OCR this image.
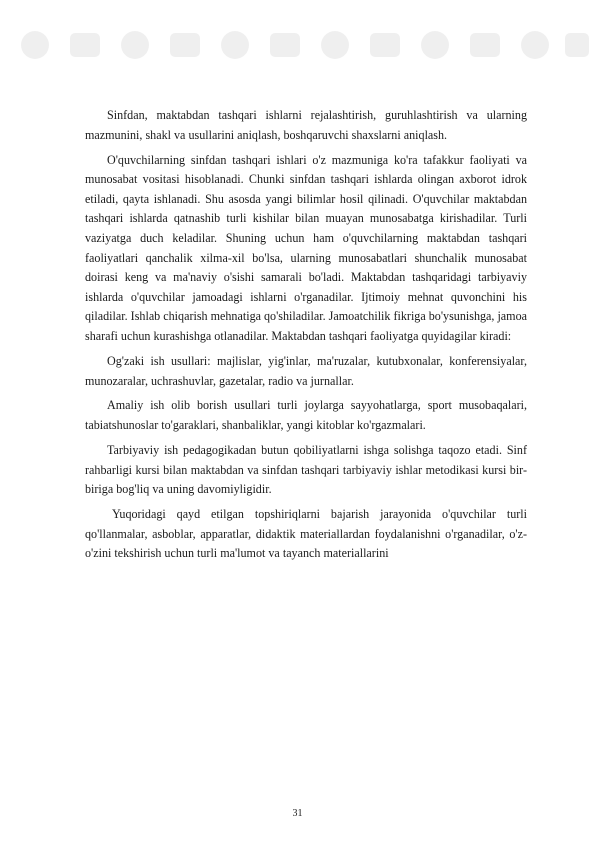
Sinfdan, maktabdan tashqari ishlarni rejalashtirish, guruhlashtirish va ularning mazmunini, shakl va usullarini aniqlash, boshqaruvchi shaxslarni aniqlash.

O'quvchilarning sinfdan tashqari ishlari o'z mazmuniga ko'ra tafakkur faoliyati va munosabat vositasi hisoblanadi. Chunki sinfdan tashqari ishlarda olingan axborot idrok etiladi, qayta ishlanadi. Shu asosda yangi bilimlar hosil qilinadi. O'quvchilar maktabdan tashqari ishlarda qatnashib turli kishilar bilan muayan munosabatga kirishadilar. Turli vaziyatga duch keladilar. Shuning uchun ham o'quvchilarning maktabdan tashqari faoliyatlari qanchalik xilma-xil bo'lsa, ularning munosabatlari shunchalik munosabat doirasi keng va ma'naviy o'sishi samarali bo'ladi. Maktabdan tashqaridagi tarbiyaviy ishlarda o'quvchilar jamoadagi ishlarni o'rganadilar. Ijtimoiy mehnat quvonchini his qiladilar. Ishlab chiqarish mehnatiga qo'shiladilar. Jamoatchilik fikriga bo'ysunishga, jamoa sharafi uchun kurashishga otlanadilar. Maktabdan tashqari faoliyatga quyidagilar kiradi:

Og'zaki ish usullari: majlislar, yig'inlar, ma'ruzalar, kutubxonalar, konferensiyalar, munozaralar, uchrashuvlar, gazetalar, radio va jurnallar.

Amaliy ish olib borish usullari turli joylarga sayyohatlarga, sport musobaqalari, tabiatshunoslar to'garaklari, shanbaliklar, yangi kitoblar ko'rgazmalari.

Tarbiyaviy ish pedagogikadan butun qobiliyatlarni ishga solishga taqozo etadi. Sinf rahbarligi kursi bilan maktabdan va sinfdan tashqari tarbiyaviy ishlar metodikasi kursi bir-biriga bog'liq va uning davomiyligidir.

Yuqoridagi qayd etilgan topshiriqlarni bajarish jarayonida o'quvchilar turli qo'llanmalar, asboblar, apparatlar, didaktik materiallardan foydalanishni o'rganadilar, o'z-o'zini tekshirish uchun turli ma'lumot va tayanch materiallarini

31
